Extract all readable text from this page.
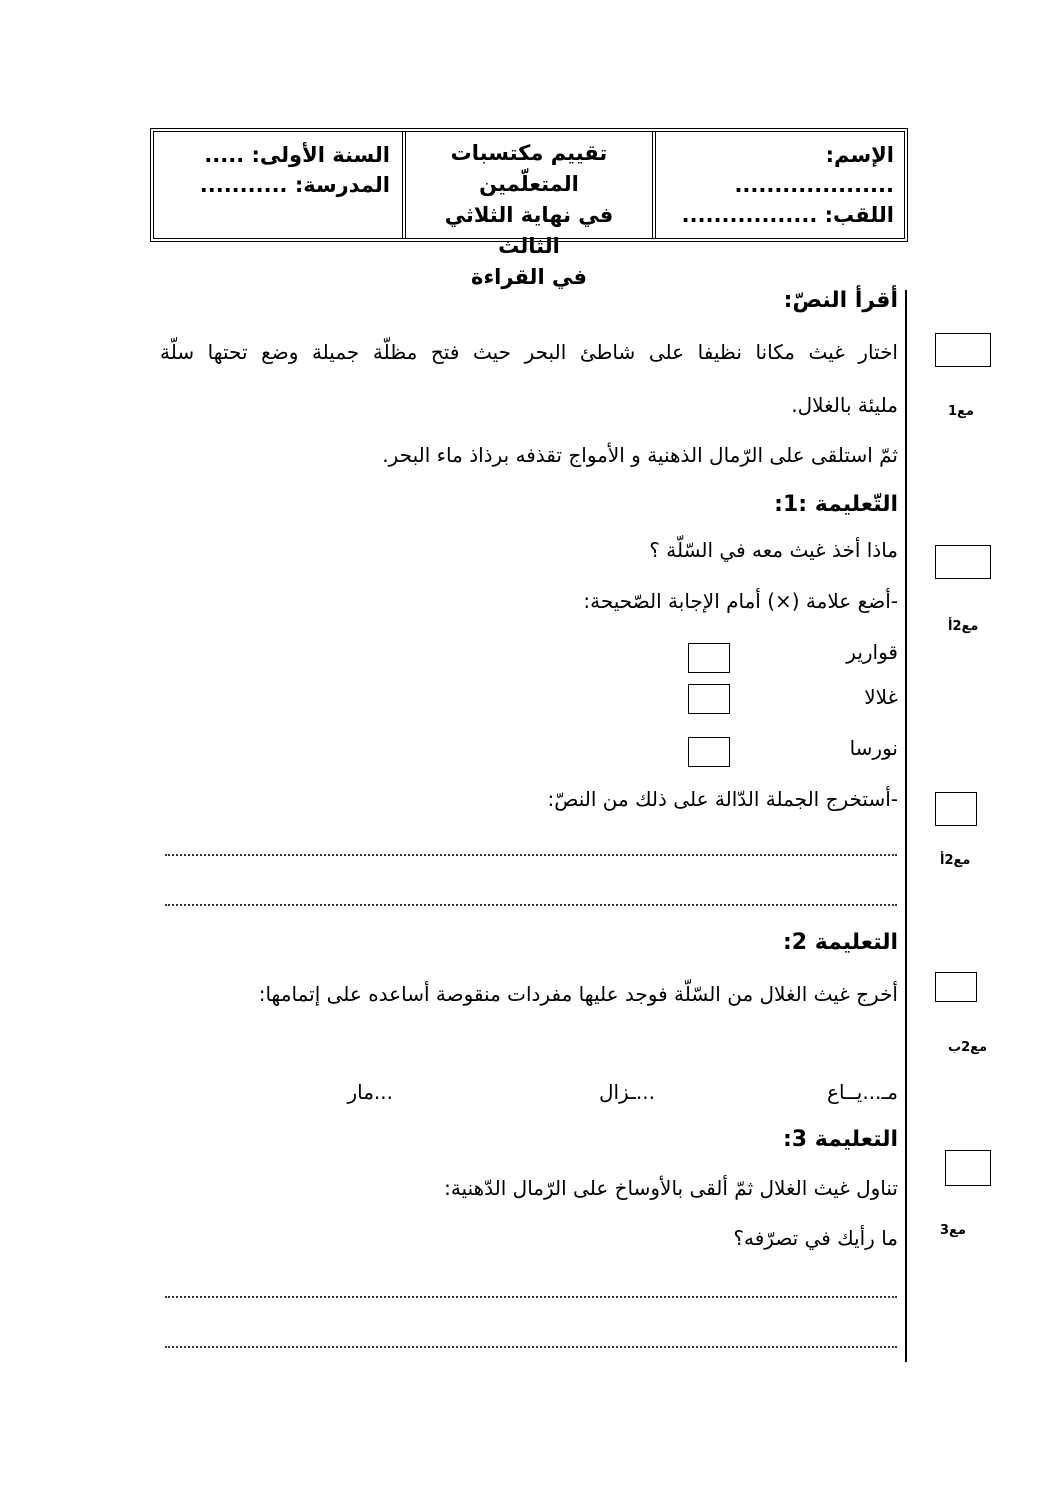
الإسم: ....................
اللقب: .................
تقييم مكتسبات المتعلّمين
في نهاية الثلاثي الثالث
في القراءة
السنة الأولى: .....
المدرسة: ...........
أقرأ النصّ:
اختار غيث مكانا نظيفا على شاطئ البحر حيث فتح مظلّة جميلة وضع تحتها سلّة
مليئة بالغلال.
ثمّ استلقى على الرّمال الذهنية و الأمواج تقذفه برذاذ ماء البحر.
التّعليمة :1:
ماذا أخذ غيث معه في السّلّة ؟
-أضع علامة (×) أمام الإجابة الصّحيحة:
قوارير
غلالا
نورسا
-أستخرج الجملة الدّالة على ذلك من النصّ:
التعليمة 2:
أخرج غيث الغلال من السّلّة فوجد عليها مفردات منقوصة أساعده على إتمامها:
مـ...يــاع
...ـزال
...مار
التعليمة 3:
تناول غيث الغلال ثمّ ألقى بالأوساخ على الرّمال الدّهنية:
ما رأيك في تصرّفه؟
مع1
مع2أ
مع2أ
مع2ب
مع3
